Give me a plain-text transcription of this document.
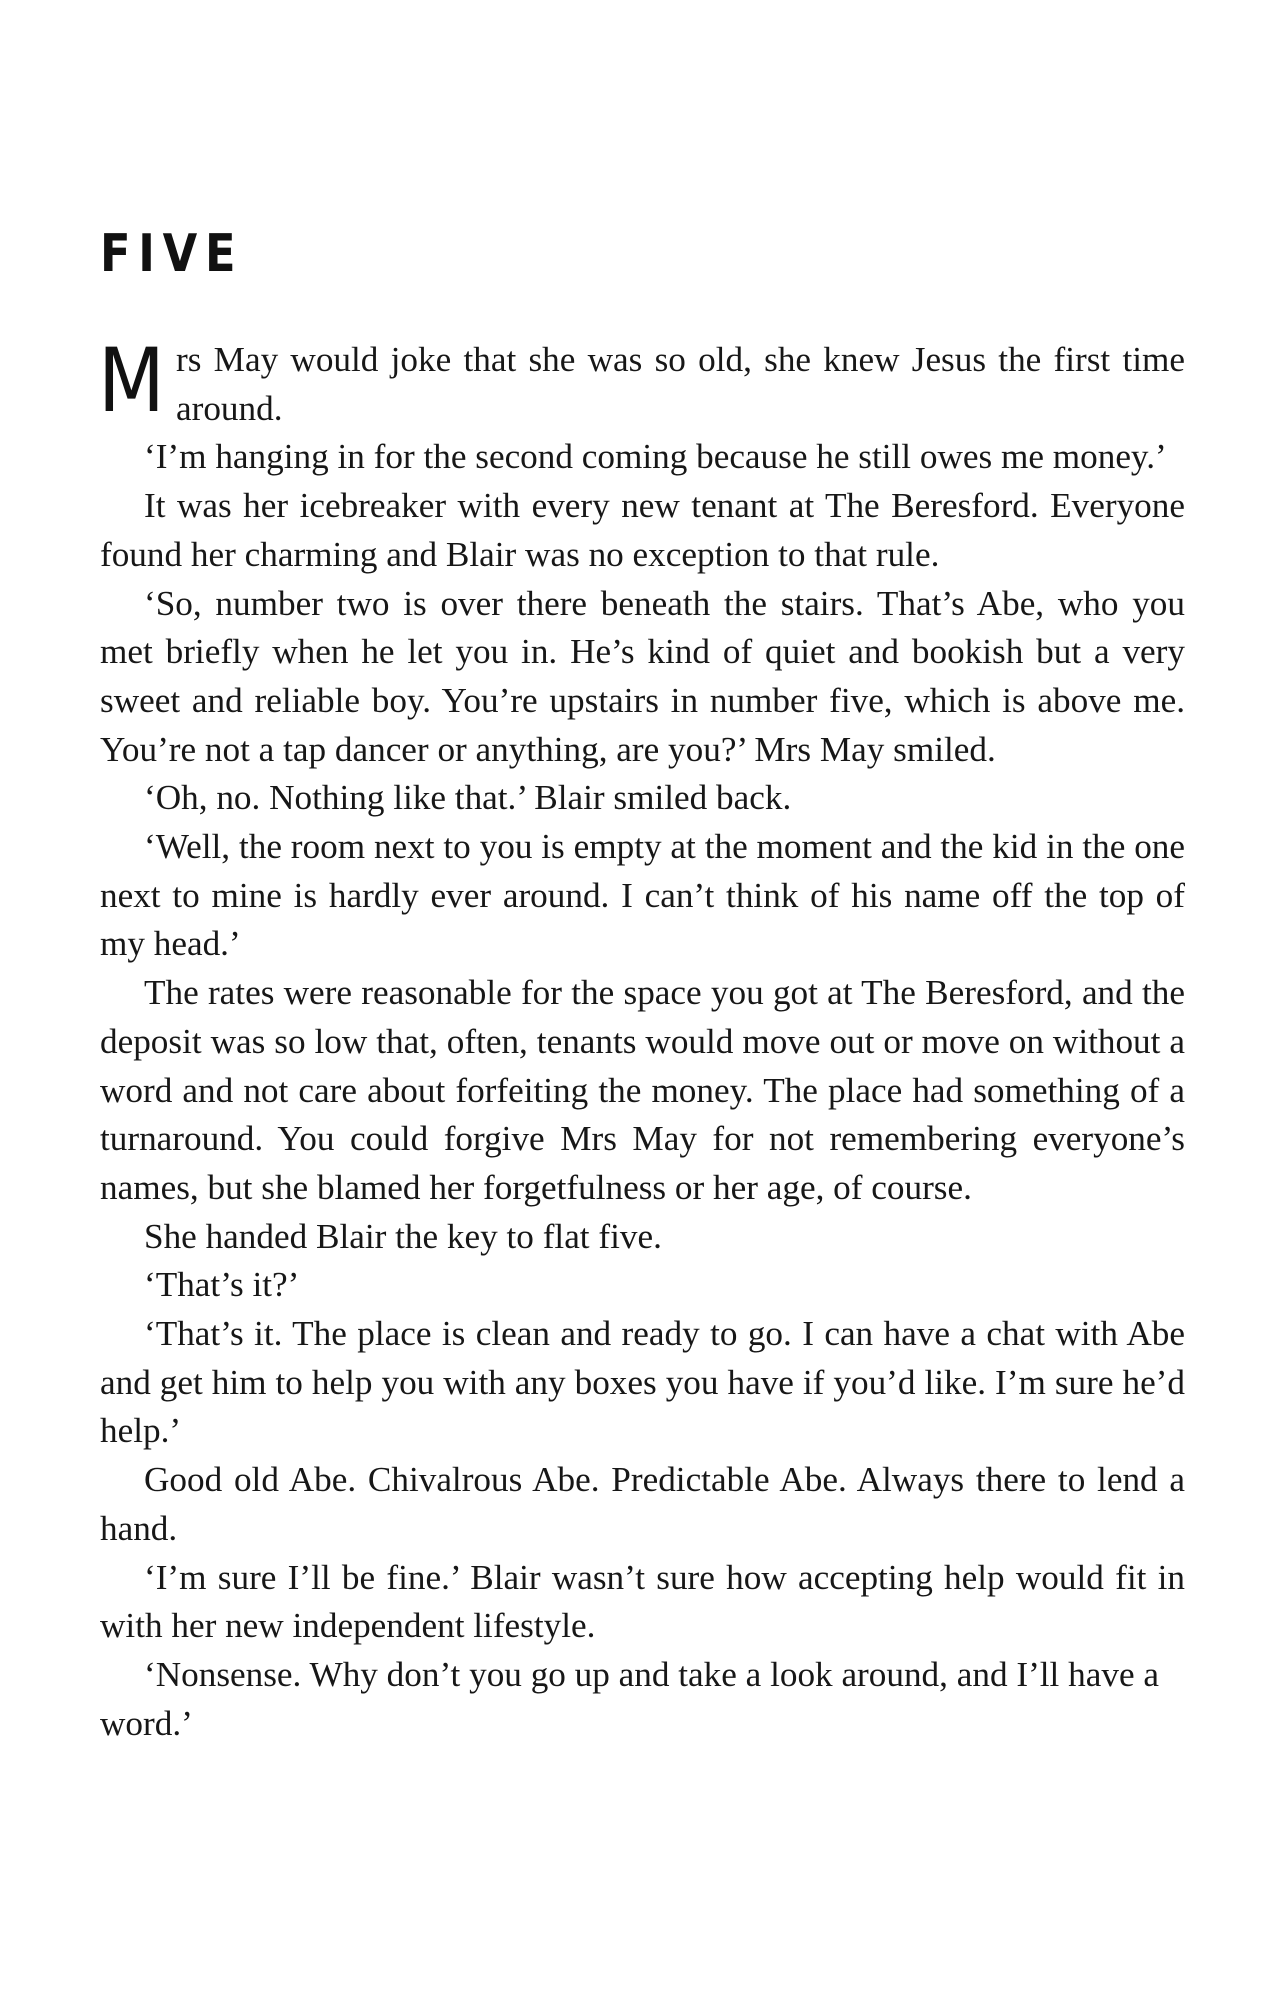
FIVE

Mrs May would joke that she was so old, she knew Jesus the first time around.

‘I’m hanging in for the second coming because he still owes me money.’

It was her icebreaker with every new tenant at The Beresford. Everyone found her charming and Blair was no exception to that rule.

‘So, number two is over there beneath the stairs. That’s Abe, who you met briefly when he let you in. He’s kind of quiet and bookish but a very sweet and reliable boy. You’re upstairs in number five, which is above me. You’re not a tap dancer or anything, are you?’ Mrs May smiled.

‘Oh, no. Nothing like that.’ Blair smiled back.

‘Well, the room next to you is empty at the moment and the kid in the one next to mine is hardly ever around. I can’t think of his name off the top of my head.’

The rates were reasonable for the space you got at The Beresford, and the deposit was so low that, often, tenants would move out or move on without a word and not care about forfeiting the money. The place had something of a turnaround. You could forgive Mrs May for not remembering everyone’s names, but she blamed her forgetfulness or her age, of course.

She handed Blair the key to flat five.

‘That’s it?’

‘That’s it. The place is clean and ready to go. I can have a chat with Abe and get him to help you with any boxes you have if you’d like. I’m sure he’d help.’

Good old Abe. Chivalrous Abe. Predictable Abe. Always there to lend a hand.

‘I’m sure I’ll be fine.’ Blair wasn’t sure how accepting help would fit in with her new independent lifestyle.

‘Nonsense. Why don’t you go up and take a look around, and I’ll have a word.’
